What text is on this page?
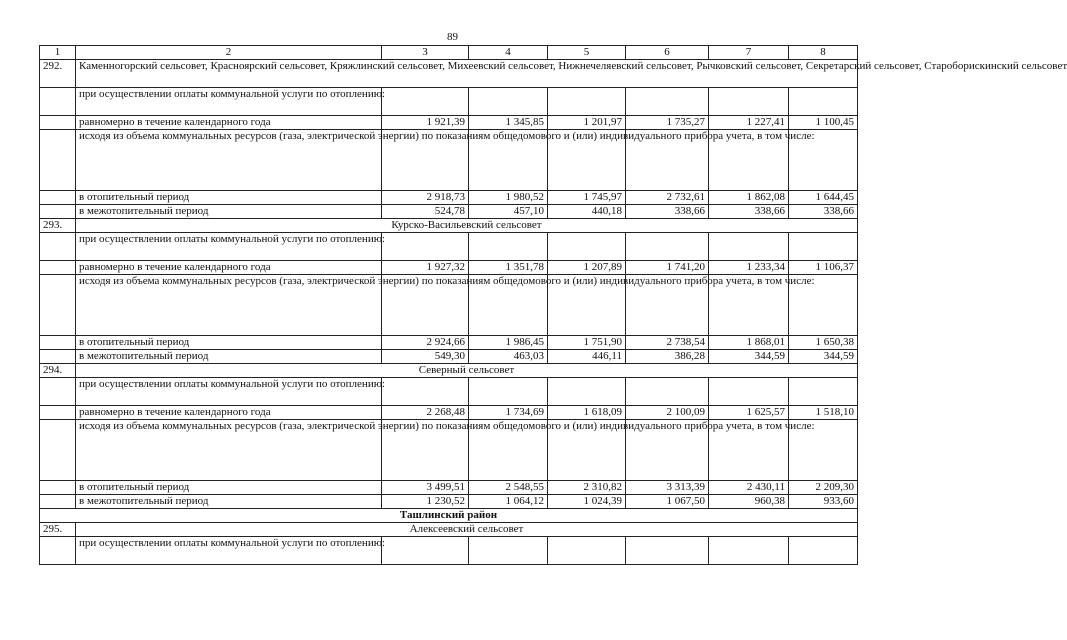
89
1	2	3	4	5	6	7	8
292.	Каменногорский сельсовет, Красноярский сельсовет, Кряжлинский сельсовет, Михеевский сельсовет, Нижнечеляевский сельсовет, Рычковский сельсовет, Секретарский сельсовет, Староборискинский сельсовет						
	при осуществлении оплаты коммунальной услуги по отоплению:						
	равномерно в течение календарного года	1 921,39	1 345,85	1 201,97	1 735,27	1 227,41	1 100,45
	исходя из объема коммунальных ресурсов (газа, электрической энергии) по показаниям общедомового и (или) индивидуального прибора учета, в том числе:						
	в отопительный период	2 918,73	1 980,52	1 745,97	2 732,61	1 862,08	1 644,45
	в межотопительный период	524,78	457,10	440,18	338,66	338,66	338,66
293.	Курско-Васильевский сельсовет						
	при осуществлении оплаты коммунальной услуги по отоплению:						
	равномерно в течение календарного года	1 927,32	1 351,78	1 207,89	1 741,20	1 233,34	1 106,37
	исходя из объема коммунальных ресурсов (газа, электрической энергии) по показаниям общедомового и (или) индивидуального прибора учета, в том числе:						
	в отопительный период	2 924,66	1 986,45	1 751,90	2 738,54	1 868,01	1 650,38
	в межотопительный период	549,30	463,03	446,11	386,28	344,59	344,59
294.	Северный сельсовет						
	при осуществлении оплаты коммунальной услуги по отоплению:						
	равномерно в течение календарного года	2 268,48	1 734,69	1 618,09	2 100,09	1 625,57	1 518,10
	исходя из объема коммунальных ресурсов (газа, электрической энергии) по показаниям общедомового и (или) индивидуального прибора учета, в том числе:						
	в отопительный период	3 499,51	2 548,55	2 310,82	3 313,39	2 430,11	2 209,30
	в межотопительный период	1 230,52	1 064,12	1 024,39	1 067,50	960,38	933,60
Ташлинский район							
295.	Алексеевский сельсовет						
	при осуществлении оплаты коммунальной услуги по отоплению:						
